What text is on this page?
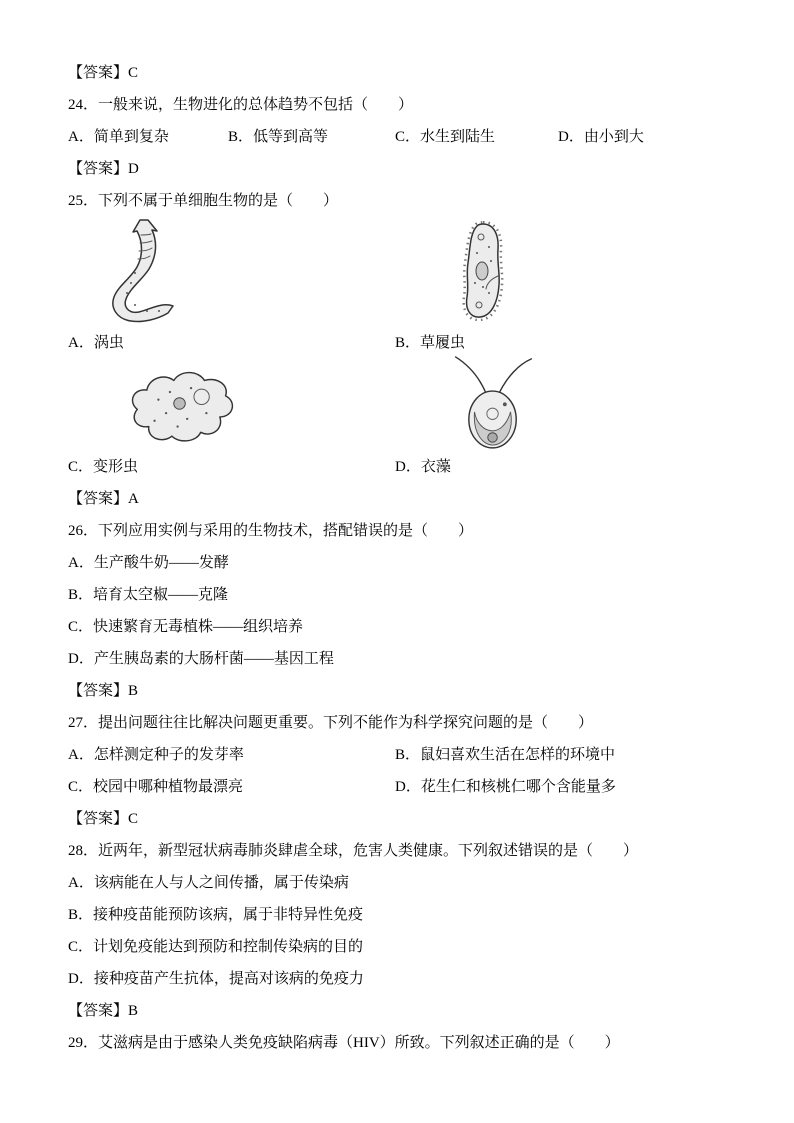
【答案】C
24．一般来说，生物进化的总体趋势不包括（　　）
A．简单到复杂	B．低等到高等	C．水生到陆生	D．由小到大
【答案】D
25．下列不属于单细胞生物的是（　　）
A．涡虫	B．草履虫
C．变形虫	D．衣藻
【答案】A
26．下列应用实例与采用的生物技术，搭配错误的是（　　）
A．生产酸牛奶——发酵
B．培育太空椒——克隆
C．快速繁育无毒植株——组织培养
D．产生胰岛素的大肠杆菌——基因工程
【答案】B
27．提出问题往往比解决问题更重要。下列不能作为科学探究问题的是（　　）
A．怎样测定种子的发芽率	B．鼠妇喜欢生活在怎样的环境中
C．校园中哪种植物最漂亮	D．花生仁和核桃仁哪个含能量多
【答案】C
28．近两年，新型冠状病毒肺炎肆虐全球，危害人类健康。下列叙述错误的是（　　）
A．该病能在人与人之间传播，属于传染病
B．接种疫苗能预防该病，属于非特异性免疫
C．计划免疫能达到预防和控制传染病的目的
D．接种疫苗产生抗体，提高对该病的免疫力
【答案】B
29．艾滋病是由于感染人类免疫缺陷病毒（HIV）所致。下列叙述正确的是（　　）
